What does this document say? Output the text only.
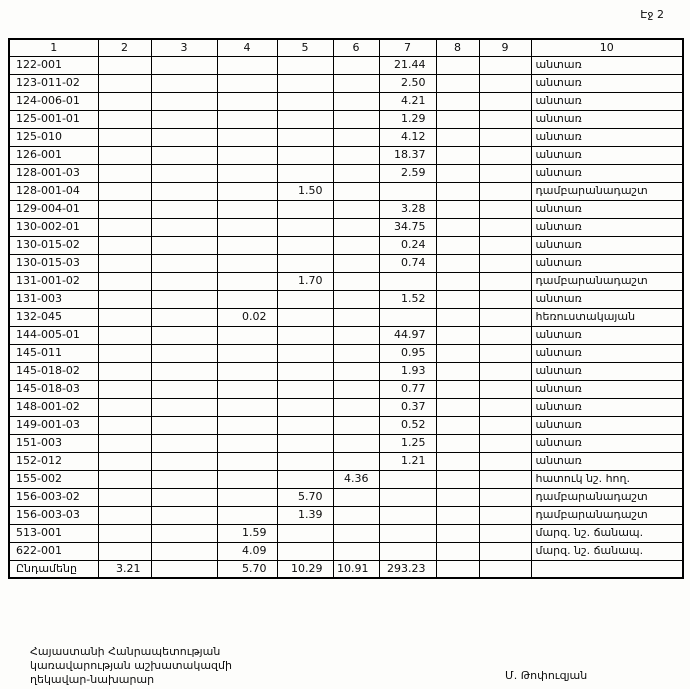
Էջ 2
1	2	3	4	5	6	7	8	9	10
122-001						21.44			անտառ
123-011-02						2.50			անտառ
124-006-01						4.21			անտառ
125-001-01						1.29			անտառ
125-010						4.12			անտառ
126-001						18.37			անտառ
128-001-03						2.59			անտառ
128-001-04				1.50					դամբարանադաշտ
129-004-01						3.28			անտառ
130-002-01						34.75			անտառ
130-015-02						0.24			անտառ
130-015-03						0.74			անտառ
131-001-02				1.70					դամբարանադաշտ
131-003						1.52			անտառ
132-045			0.02						հեռուստակայան
144-005-01						44.97			անտառ
145-011						0.95			անտառ
145-018-02						1.93			անտառ
145-018-03						0.77			անտառ
148-001-02						0.37			անտառ
149-001-03						0.52			անտառ
151-003						1.25			անտառ
152-012						1.21			անտառ
155-002					4.36				հատուկ նշ. հող.
156-003-02				5.70					դամբարանադաշտ
156-003-03				1.39					դամբարանադաշտ
513-001			1.59						մարզ. նշ. ճանապ.
622-001			4.09						մարզ. նշ. ճանապ.
Ընդամենը	3.21		5.70	10.29	10.91	293.23			
Հայաստանի Հանրապետության
կառավարության աշխատակազմի
ղեկավար-նախարար	Մ. Թոփուզյան
